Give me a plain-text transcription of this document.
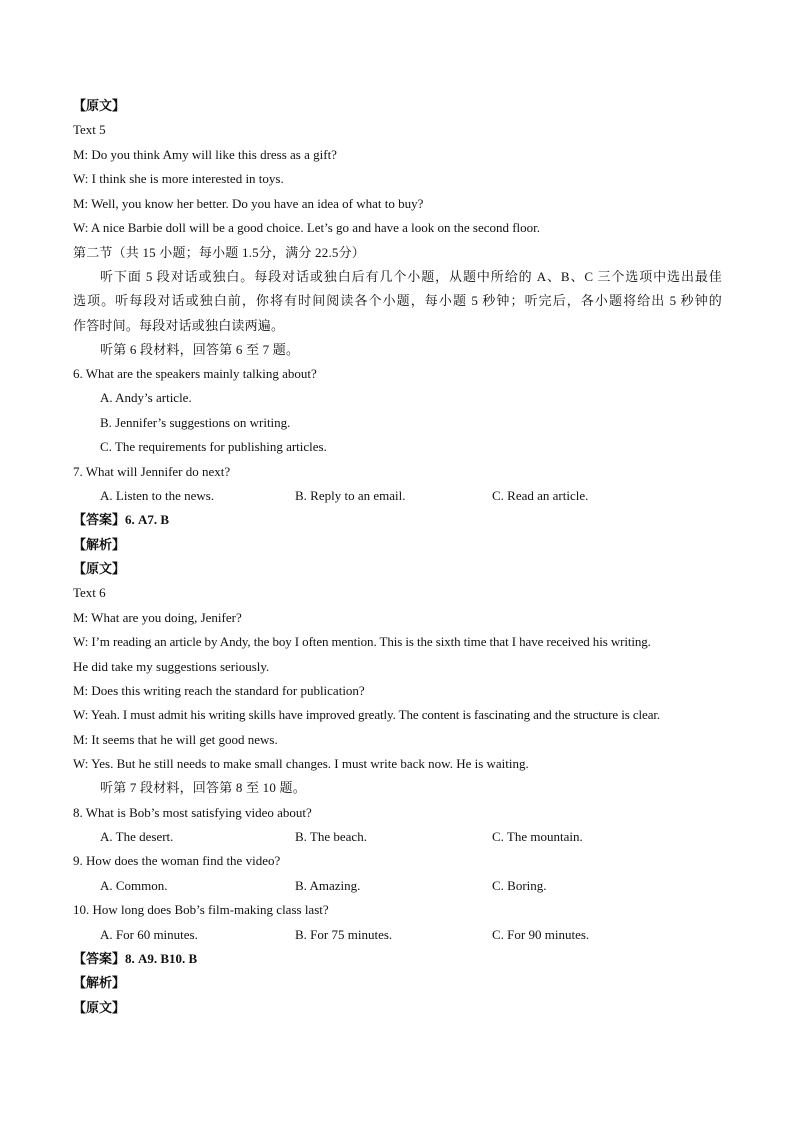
【原文】
Text 5
M: Do you think Amy will like this dress as a gift?
W: I think she is more interested in toys.
M: Well, you know her better. Do you have an idea of what to buy?
W: A nice Barbie doll will be a good choice. Let’s go and have a look on the second floor.
第二节（共 15 小题；每小题 1.5分，满分 22.5分）
听下面 5 段对话或独白。每段对话或独白后有几个小题，从题中所给的 A、B、C 三个选项中选出最佳
选项。听每段对话或独白前，你将有时间阅读各个小题，每小题 5 秒钟；听完后，各小题将给出 5 秒钟的
作答时间。每段对话或独白读两遍。
听第 6 段材料，回答第 6 至 7 题。
6. What are the speakers mainly talking about?
A. Andy’s article.
B. Jennifer’s suggestions on writing.
C. The requirements for publishing articles.
7. What will Jennifer do next?
A. Listen to the news.	B. Reply to an email.	C. Read an article.
【答案】6. A7. B
【解析】
【原文】
Text 6
M: What are you doing, Jenifer?
W: I’m reading an article by Andy, the boy I often mention. This is the sixth time that I have received his writing.
He did take my suggestions seriously.
M: Does this writing reach the standard for publication?
W: Yeah. I must admit his writing skills have improved greatly. The content is fascinating and the structure is clear.
M: It seems that he will get good news.
W: Yes. But he still needs to make small changes. I must write back now. He is waiting.
听第 7 段材料，回答第 8 至 10 题。
8. What is Bob’s most satisfying video about?
A. The desert.	B. The beach.	C. The mountain.
9. How does the woman find the video?
A. Common.	B. Amazing.	C. Boring.
10. How long does Bob’s film-making class last?
A. For 60 minutes.	B. For 75 minutes.	C. For 90 minutes.
【答案】8. A9. B10. B
【解析】
【原文】
